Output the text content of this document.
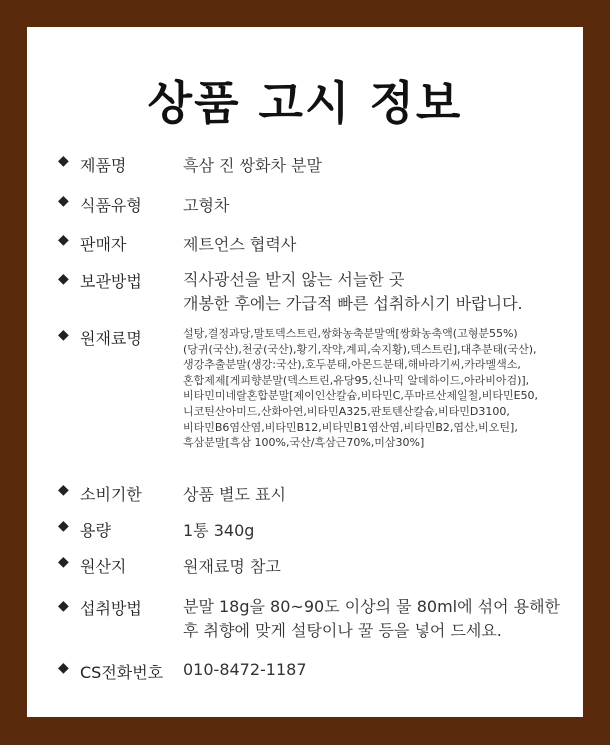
상품 고시 정보
◆ 제품명	흑삼 진 쌍화차 분말
◆ 식품유형	고형차
◆ 판매자	제트언스 협력사
◆ 보관방법	직사광선을 받지 않는 서늘한 곳
개봉한 후에는 가급적 빠른 섭취하시기 바랍니다.
◆ 원재료명	설탕,결정과당,말토덱스트린,쌍화농축분말액[쌍화농축액(고형분55%)
(당귀(국산),천궁(국산),황기,작약,계피,숙지황),덱스트린],대추분태(국산),
생강추출분말(생강:국산),호두분태,아몬드분태,해바라기씨,카라멜색소,
혼합제제[게피향분말(덱스트린,유당95,신나믹 알데하이드,아라비아검)],
비타민미네랄혼합분말[제이인산칼슘,비타민C,푸마르산제일철,비타민E50,
니코틴산아미드,산화아연,비타민A325,판토텐산칼슘,비타민D3100,
비타민B6염산염,비타민B12,비타민B1염산염,비타민B2,엽산,비오틴],
흑삼분말[흑삼 100%,국산/흑삼근70%,미삼30%]
◆ 소비기한	상품 별도 표시
◆ 용량	1통 340g
◆ 원산지	원재료명 참고
◆ 섭취방법	분말 18g을 80~90도 이상의 물 80ml에 섞어 용해한
후 취향에 맞게 설탕이나 꿀 등을 넣어 드세요.
◆ CS전화번호 010-8472-1187
